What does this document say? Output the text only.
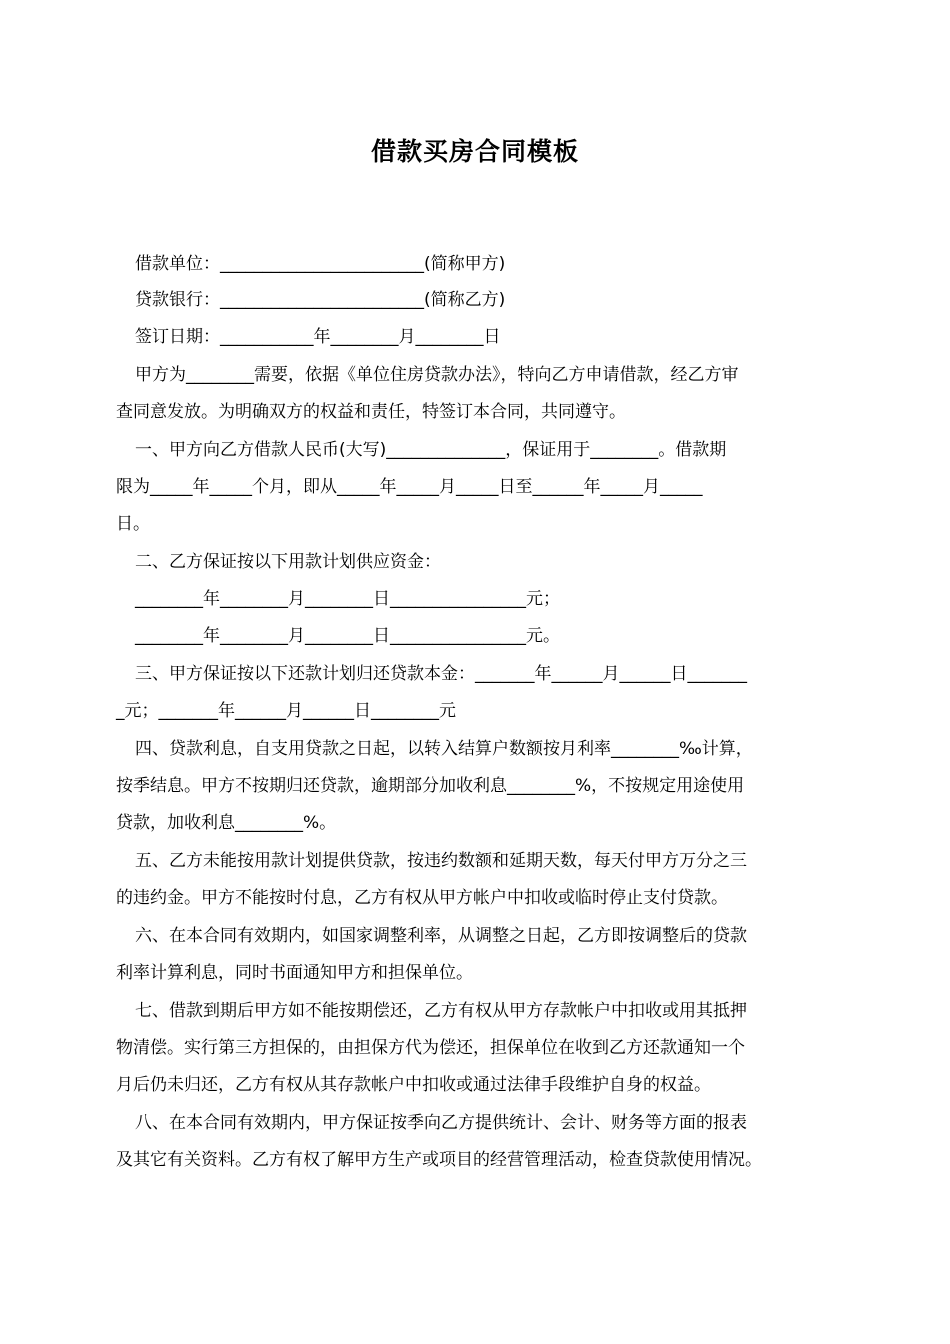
借款买房合同模板
借款单位：________________________(简称甲方)
贷款银行：________________________(简称乙方)
签订日期：___________年________月________日
甲方为________需要，依据《单位住房贷款办法》，特向乙方申请借款，经乙方审
查同意发放。为明确双方的权益和责任，特签订本合同，共同遵守。
一、甲方向乙方借款人民币(大写)______________，保证用于________。借款期
限为_____年_____个月，即从_____年_____月_____日至______年_____月_____
日。
二、乙方保证按以下用款计划供应资金：
________年________月________日________________元；
________年________月________日________________元。
三、甲方保证按以下还款计划归还贷款本金：_______年______月______日_______
_元；_______年______月______日________元
四、贷款利息，自支用贷款之日起，以转入结算户数额按月利率________‰计算，
按季结息。甲方不按期归还贷款，逾期部分加收利息________%，不按规定用途使用
贷款，加收利息________%。
五、乙方未能按用款计划提供贷款，按违约数额和延期天数，每天付甲方万分之三
的违约金。甲方不能按时付息，乙方有权从甲方帐户中扣收或临时停止支付贷款。
六、在本合同有效期内，如国家调整利率，从调整之日起，乙方即按调整后的贷款
利率计算利息，同时书面通知甲方和担保单位。
七、借款到期后甲方如不能按期偿还，乙方有权从甲方存款帐户中扣收或用其抵押
物清偿。实行第三方担保的，由担保方代为偿还，担保单位在收到乙方还款通知一个
月后仍未归还，乙方有权从其存款帐户中扣收或通过法律手段维护自身的权益。
八、在本合同有效期内，甲方保证按季向乙方提供统计、会计、财务等方面的报表
及其它有关资料。乙方有权了解甲方生产或项目的经营管理活动，检查贷款使用情况。
